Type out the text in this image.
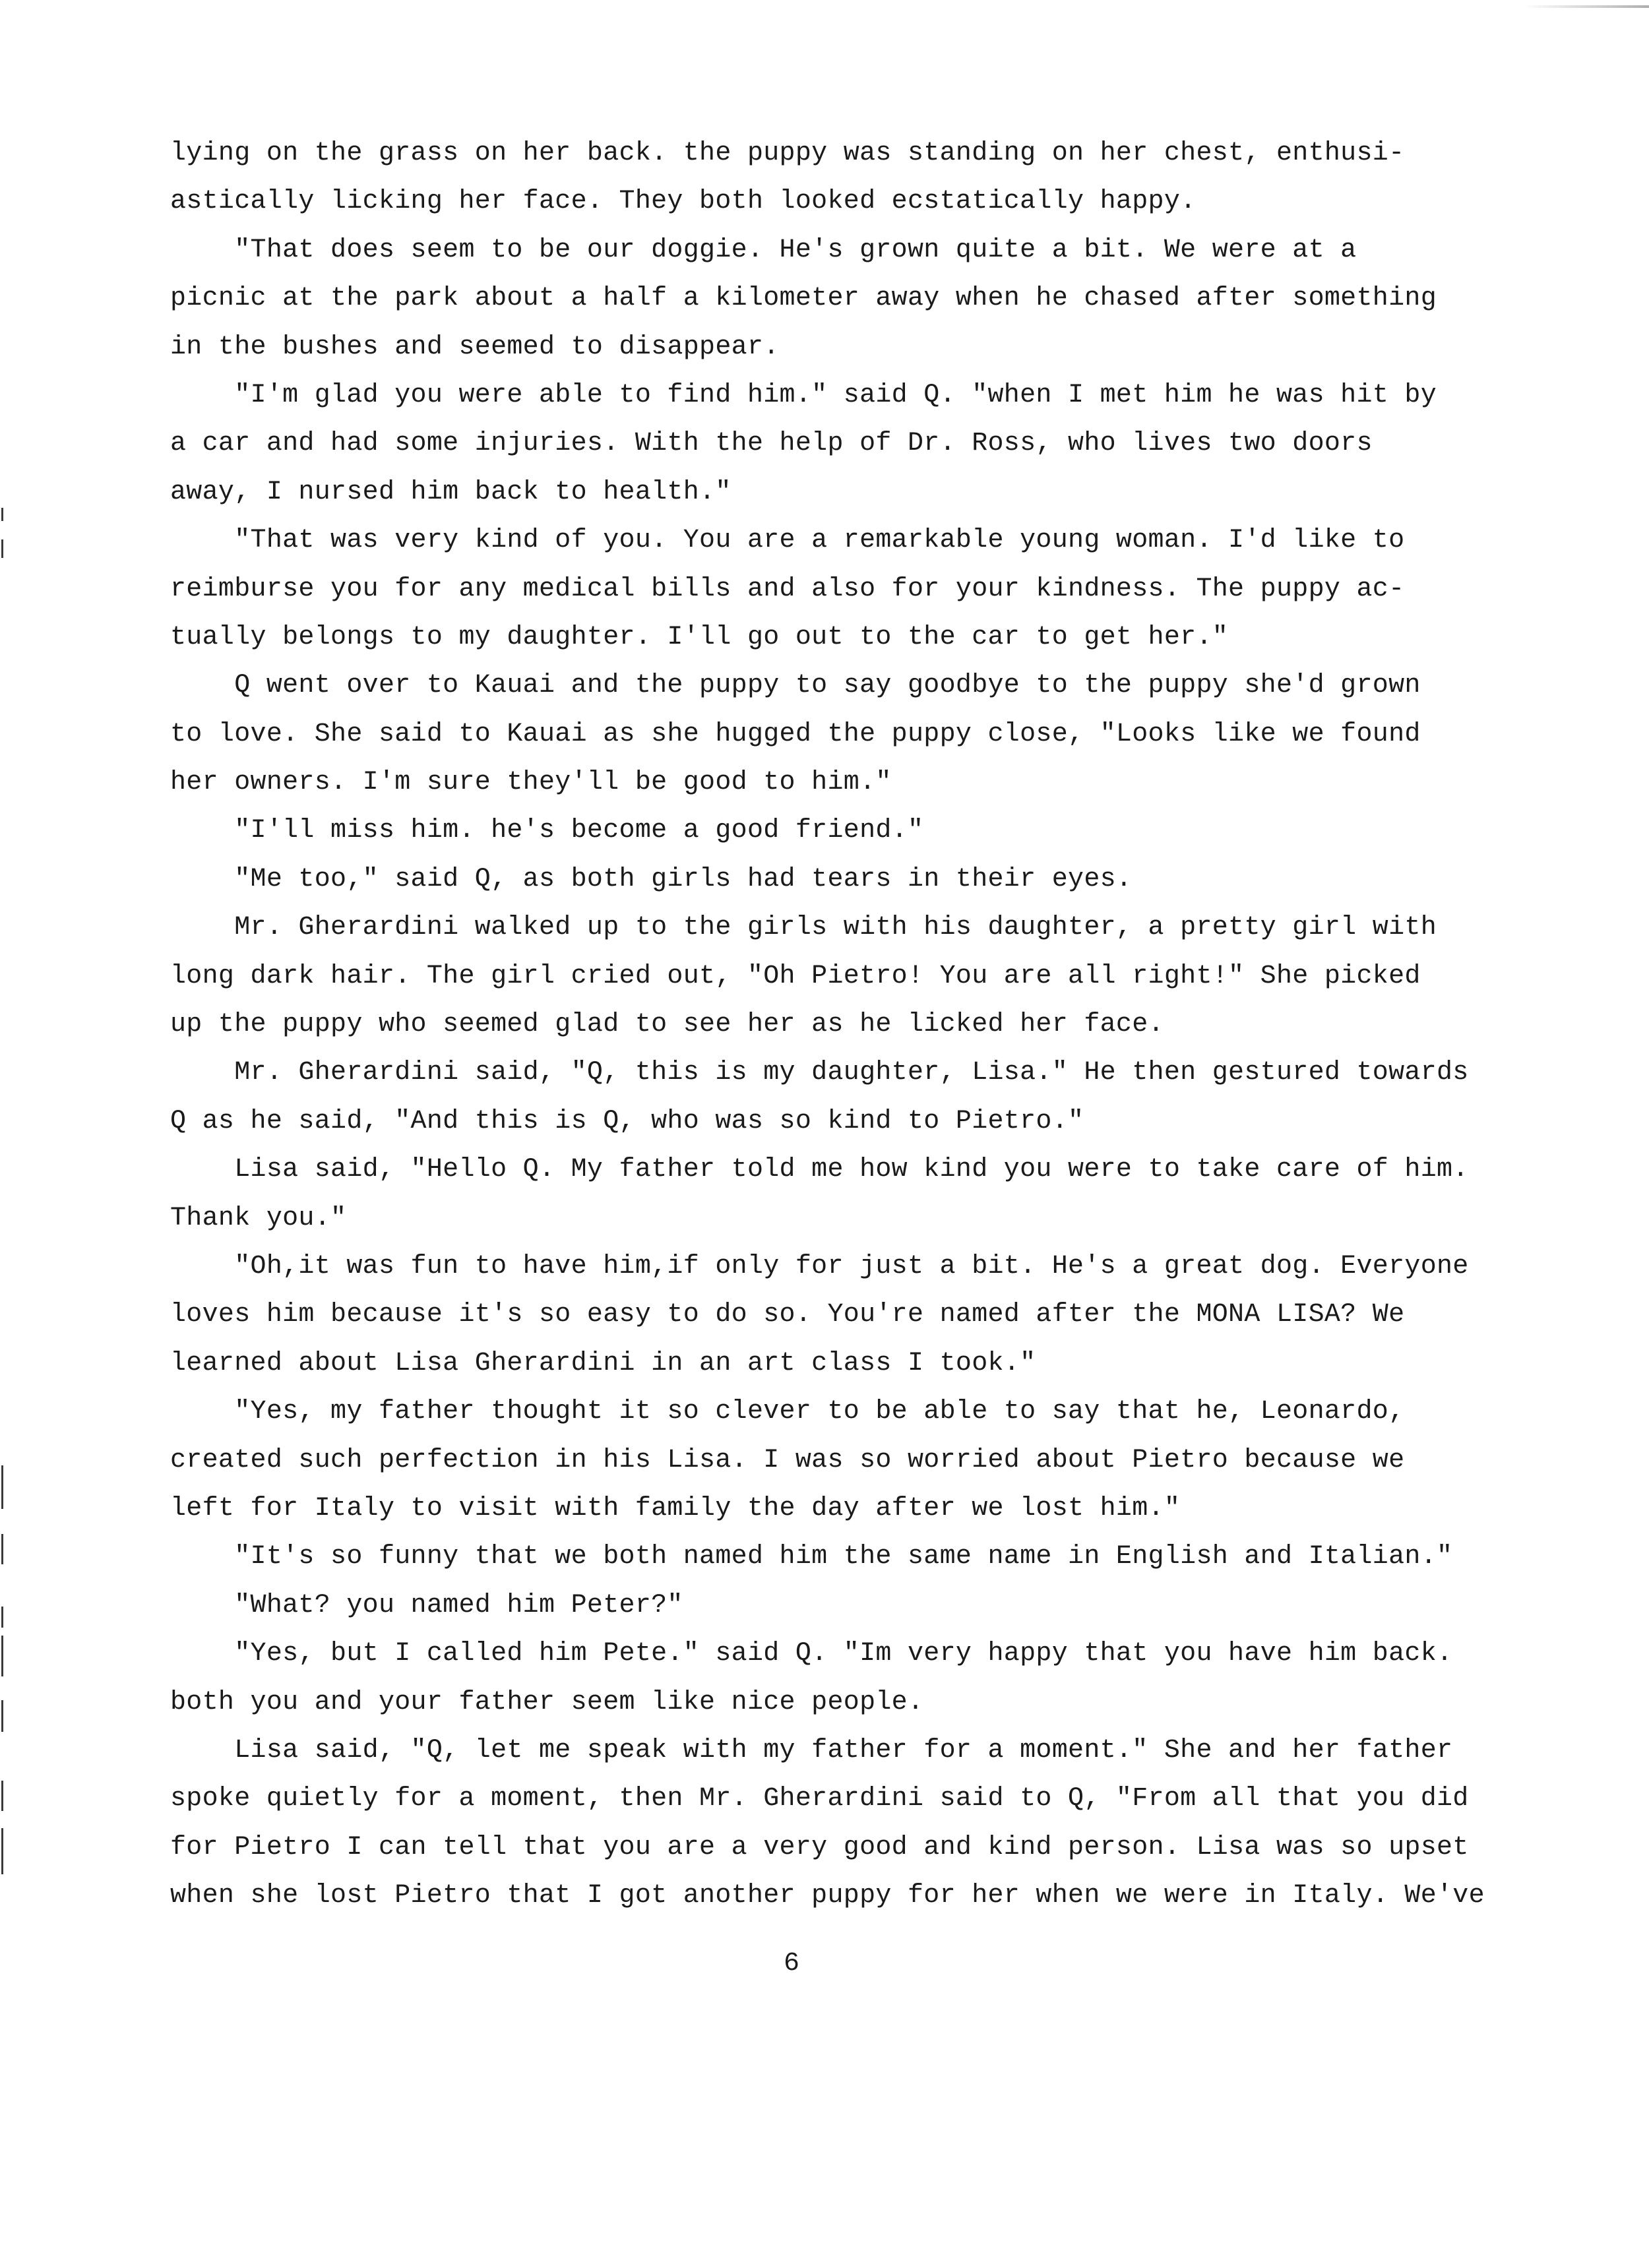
lying on the grass on her back. the puppy was standing on her chest, enthusi-
astically licking her face. They both looked ecstatically happy.
"That does seem to be our doggie. He's grown quite a bit. We were at a
picnic at the park about a half a kilometer away when he chased after something
in the bushes and seemed to disappear.
"I'm glad you were able to find him." said Q. "when I met him he was hit by
a car and had some injuries. With the help of Dr. Ross, who lives two doors
away, I nursed him back to health."
"That was very kind of you. You are a remarkable young woman. I'd like to
reimburse you for any medical bills and also for your kindness. The puppy ac-
tually belongs to my daughter. I'll go out to the car to get her."
Q went over to Kauai and the puppy to say goodbye to the puppy she'd grown
to love. She said to Kauai as she hugged the puppy close, "Looks like we found
her owners. I'm sure they'll be good to him."
"I'll miss him. he's become a good friend."
"Me too," said Q, as both girls had tears in their eyes.
Mr. Gherardini walked up to the girls with his daughter, a pretty girl with
long dark hair. The girl cried out, "Oh Pietro! You are all right!" She picked
up the puppy who seemed glad to see her as he licked her face.
Mr. Gherardini said, "Q, this is my daughter, Lisa." He then gestured towards
Q as he said, "And this is Q, who was so kind to Pietro."
Lisa said, "Hello Q. My father told me how kind you were to take care of him.
Thank you."
"Oh,it was fun to have him,if only for just a bit. He's a great dog. Everyone
loves him because it's so easy to do so. You're named after the MONA LISA? We
learned about Lisa Gherardini in an art class I took."
"Yes, my father thought it so clever to be able to say that he, Leonardo,
created such perfection in his Lisa. I was so worried about Pietro because we
left for Italy to visit with family the day after we lost him."
"It's so funny that we both named him the same name in English and Italian."
"What? you named him Peter?"
"Yes, but I called him Pete." said Q. "Im very happy that you have him back.
both you and your father seem like nice people.
Lisa said, "Q, let me speak with my father for a moment." She and her father
spoke quietly for a moment, then Mr. Gherardini said to Q, "From all that you did
for Pietro I can tell that you are a very good and kind person. Lisa was so upset
when she lost Pietro that I got another puppy for her when we were in Italy. We've
6
